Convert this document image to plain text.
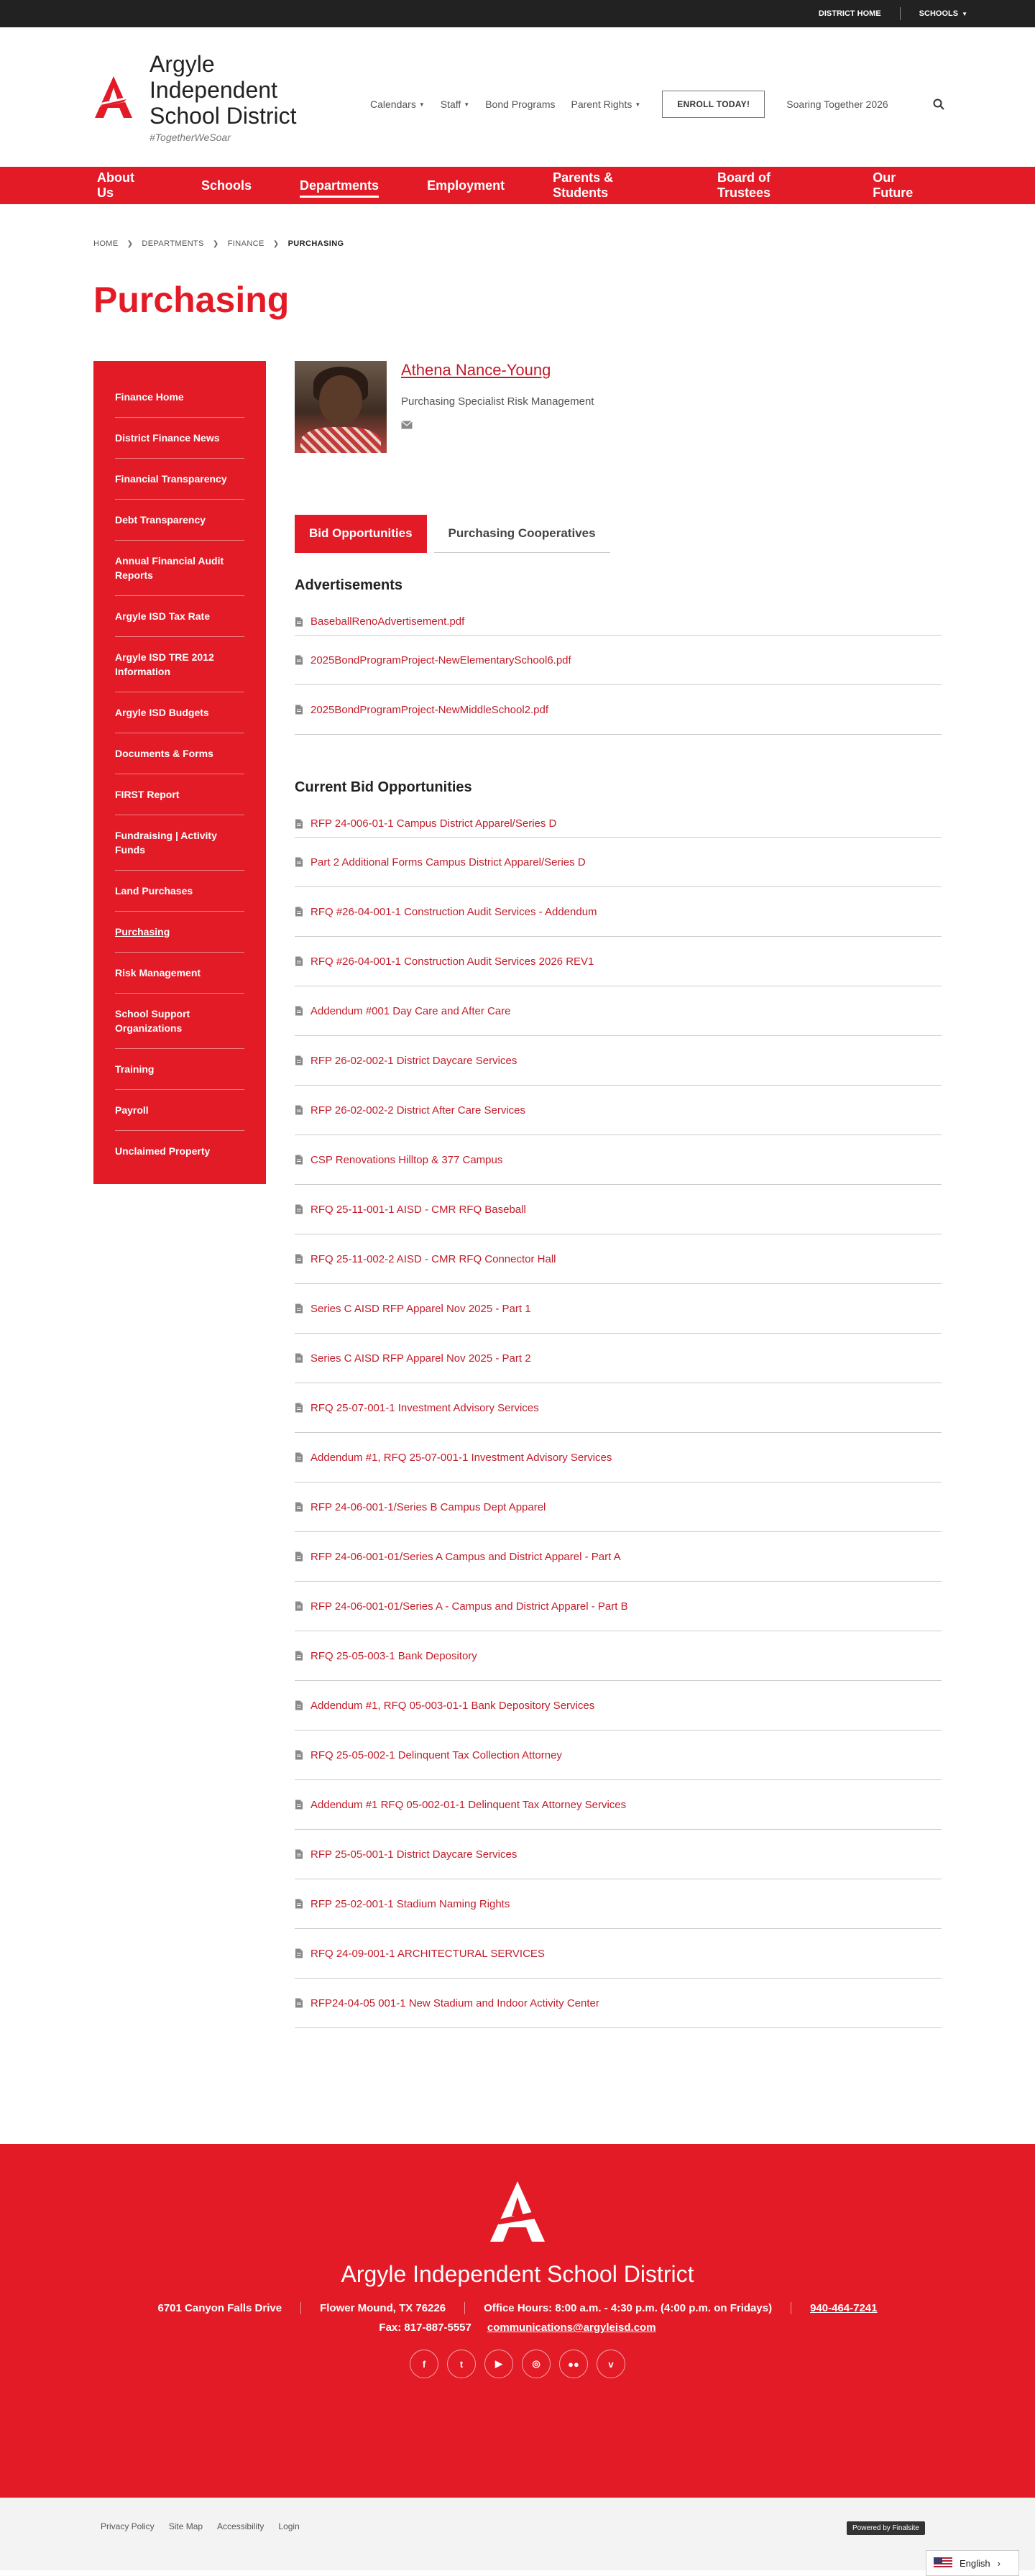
DISTRICT HOME	SCHOOLS ▼
Argyle Independent School District
#TogetherWeSoar
Calendars ▼ Staff ▼ Bond Programs Parent Rights ▼	ENROLL TODAY!	Soaring Together 2026
About Us
Schools	Departments	Employment
Parents & Students
Board of Trustees
Our Future
HOME ❯ DEPARTMENTS ❯ FINANCE ❯ PURCHASING
Purchasing
Finance Home
District Finance News
Financial Transparency
Debt Transparency
Annual Financial Audit Reports
Argyle ISD Tax Rate
Argyle ISD TRE 2012 Information
Argyle ISD Budgets
Documents & Forms
FIRST Report
Fundraising | Activity Funds
Land Purchases
Purchasing
Risk Management
School Support Organizations
Training
Payroll
Unclaimed Property
Athena Nance-Young
Purchasing Specialist Risk Management
Bid Opportunities	Purchasing Cooperatives
Advertisements
BaseballRenoAdvertisement.pdf
2025BondProgramProject-NewElementarySchool6.pdf
2025BondProgramProject-NewMiddleSchool2.pdf
Current Bid Opportunities
RFP 24-006-01-1 Campus District Apparel/Series D
Part 2 Additional Forms Campus District Apparel/Series D
RFQ #26-04-001-1 Construction Audit Services - Addendum
RFQ #26-04-001-1 Construction Audit Services 2026 REV1
Addendum #001 Day Care and After Care
RFP 26-02-002-1 District Daycare Services
RFP 26-02-002-2 District After Care Services
CSP Renovations Hilltop & 377 Campus
RFQ 25-11-001-1 AISD - CMR RFQ Baseball
RFQ 25-11-002-2 AISD - CMR RFQ Connector Hall
Series C AISD RFP Apparel Nov 2025 - Part 1
Series C AISD RFP Apparel Nov 2025 - Part 2
RFQ 25-07-001-1 Investment Advisory Services
Addendum #1, RFQ 25-07-001-1 Investment Advisory Services
RFP 24-06-001-1/Series B Campus Dept Apparel
RFP 24-06-001-01/Series A Campus and District Apparel - Part A
RFP 24-06-001-01/Series A - Campus and District Apparel - Part B
RFQ 25-05-003-1 Bank Depository
Addendum #1, RFQ 05-003-01-1 Bank Depository Services
RFQ 25-05-002-1 Delinquent Tax Collection Attorney
Addendum #1 RFQ 05-002-01-1 Delinquent Tax Attorney Services
RFP 25-05-001-1 District Daycare Services
RFP 25-02-001-1 Stadium Naming Rights
RFQ 24-09-001-1 ARCHITECTURAL SERVICES
RFP24-04-05 001-1 New Stadium and Indoor Activity Center
Argyle Independent School District
6701 Canyon Falls Drive	Flower Mound, TX 76226	Office Hours: 8:00 a.m. - 4:30 p.m. (4:00 p.m. on Fridays)	940-464-7241
Fax: 817-887-5557 communications@argyleisd.com
f	t	▶	◎	●●	v
Privacy Policy Site Map Accessibility Login	Powered by Finalsite
English ›
